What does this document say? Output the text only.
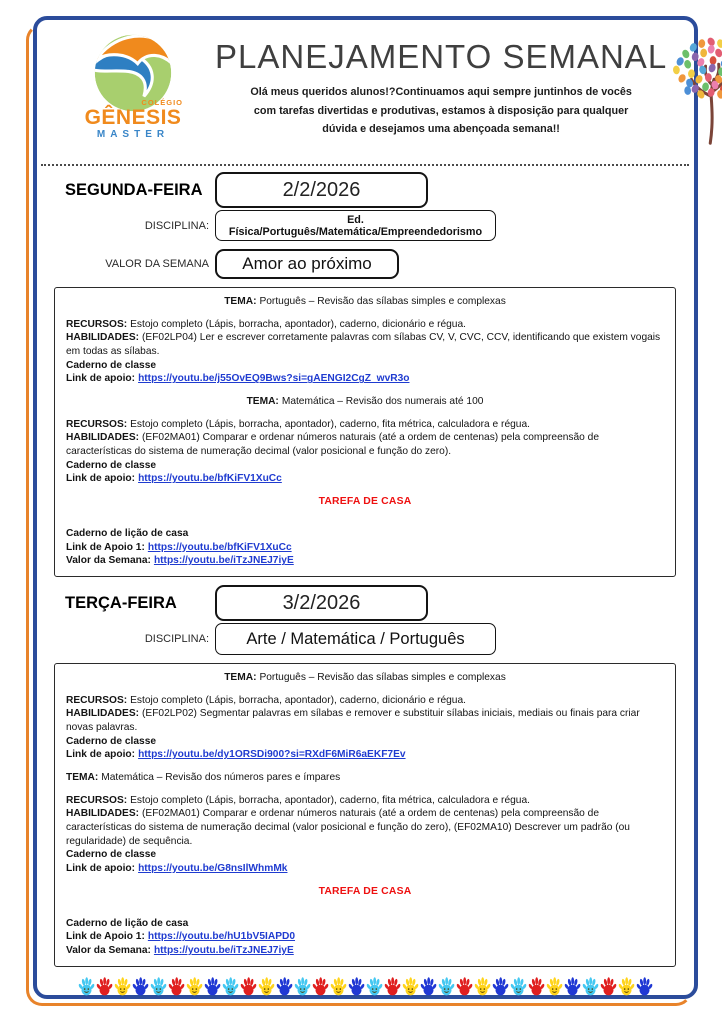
COLÉGIO
GÊNESIS
MASTER
PLANEJAMENTO SEMANAL

Olá meus queridos alunos!?Continuamos aqui sempre juntinhos de vocês com tarefas divertidas e produtivas, estamos à disposição para qualquer dúvida e desejamos uma abençoada semana!!

SEGUNDA-FEIRA	2/2/2026
DISCIPLINA:	Ed. Física/Português/Matemática/Empreendedorismo
VALOR DA SEMANA	Amor ao próximo

TEMA: Português – Revisão das sílabas simples e complexas

RECURSOS: Estojo completo (Lápis, borracha, apontador), caderno, dicionário e régua.

HABILIDADES: (EF02LP04) Ler e escrever corretamente palavras com sílabas CV, V, CVC, CCV, identificando que existem vogais em todas as sílabas.

Caderno de classe

Link de apoio: https://youtu.be/j55OvEQ9Bws?si=gAENGI2CgZ_wvR3o

TEMA: Matemática – Revisão dos numerais até 100

RECURSOS: Estojo completo (Lápis, borracha, apontador), caderno, fita métrica, calculadora e régua.

HABILIDADES: (EF02MA01) Comparar e ordenar números naturais (até a ordem de centenas) pela compreensão de características do sistema de numeração decimal (valor posicional e função do zero).

Caderno de classe

Link de apoio: https://youtu.be/bfKiFV1XuCc

TAREFA DE CASA

Caderno de lição de casa

Link de Apoio 1: https://youtu.be/bfKiFV1XuCc

Valor da Semana: https://youtu.be/iTzJNEJ7iyE

TERÇA-FEIRA	3/2/2026
DISCIPLINA:	Arte / Matemática / Português

TEMA: Português – Revisão das sílabas simples e complexas

RECURSOS: Estojo completo (Lápis, borracha, apontador), caderno, dicionário e régua.

HABILIDADES: (EF02LP02) Segmentar palavras em sílabas e remover e substituir sílabas iniciais, mediais ou finais para criar novas palavras.

Caderno de classe

Link de apoio: https://youtu.be/dy1ORSDi900?si=RXdF6MiR6aEKF7Ev

TEMA: Matemática – Revisão dos números pares e ímpares

RECURSOS: Estojo completo (Lápis, borracha, apontador), caderno, fita métrica, calculadora e régua.

HABILIDADES: (EF02MA01) Comparar e ordenar números naturais (até a ordem de centenas) pela compreensão de características do sistema de numeração decimal (valor posicional e função do zero), (EF02MA10) Descrever um padrão (ou regularidade) de sequência.

Caderno de classe

Link de apoio: https://youtu.be/G8nsIlWhmMk

TAREFA DE CASA

Caderno de lição de casa

Link de Apoio 1: https://youtu.be/hU1bV5IAPD0

Valor da Semana: https://youtu.be/iTzJNEJ7iyE
